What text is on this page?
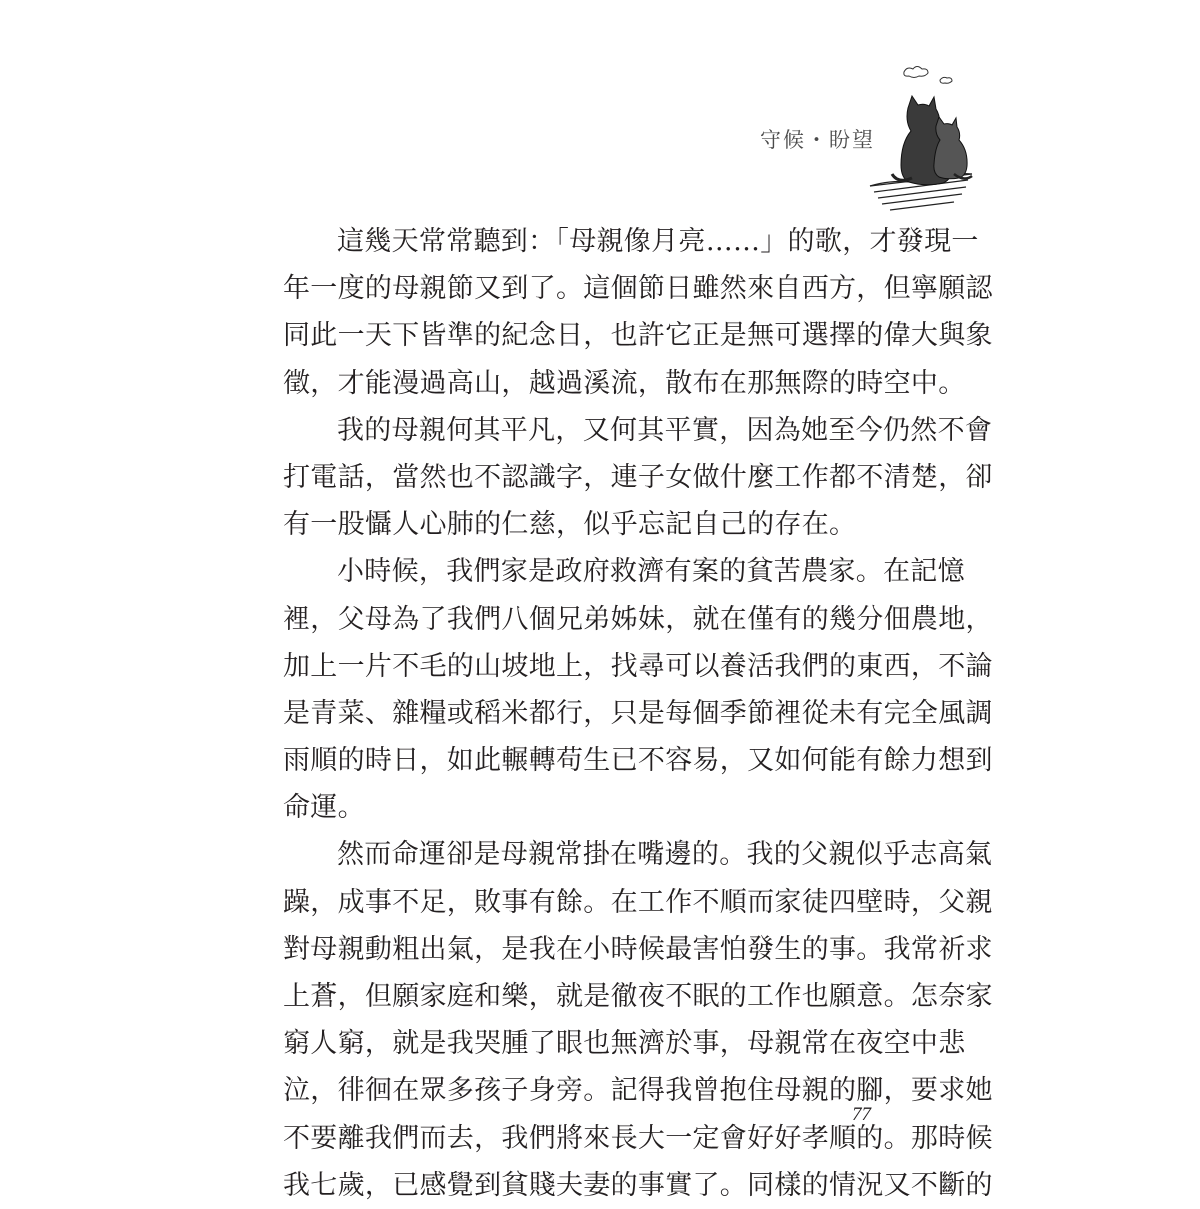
守候・盼望
這幾天常常聽到：「母親像月亮……」的歌，才發現一
年一度的母親節又到了。這個節日雖然來自西方，但寧願認
同此一天下皆準的紀念日，也許它正是無可選擇的偉大與象
徵，才能漫過高山，越過溪流，散布在那無際的時空中。
我的母親何其平凡，又何其平實，因為她至今仍然不會
打電話，當然也不認識字，連子女做什麼工作都不清楚，卻
有一股懾人心肺的仁慈，似乎忘記自己的存在。
小時候，我們家是政府救濟有案的貧苦農家。在記憶
裡，父母為了我們八個兄弟姊妹，就在僅有的幾分佃農地，
加上一片不毛的山坡地上，找尋可以養活我們的東西，不論
是青菜、雜糧或稻米都行，只是每個季節裡從未有完全風調
雨順的時日，如此輾轉苟生已不容易，又如何能有餘力想到
命運。
然而命運卻是母親常掛在嘴邊的。我的父親似乎志高氣
躁，成事不足，敗事有餘。在工作不順而家徒四壁時，父親
對母親動粗出氣，是我在小時候最害怕發生的事。我常祈求
上蒼，但願家庭和樂，就是徹夜不眠的工作也願意。怎奈家
窮人窮，就是我哭腫了眼也無濟於事，母親常在夜空中悲
泣，徘徊在眾多孩子身旁。記得我曾抱住母親的腳，要求她
不要離我們而去，我們將來長大一定會好好孝順的。那時候
我七歲，已感覺到貧賤夫妻的事實了。同樣的情況又不斷的
77
